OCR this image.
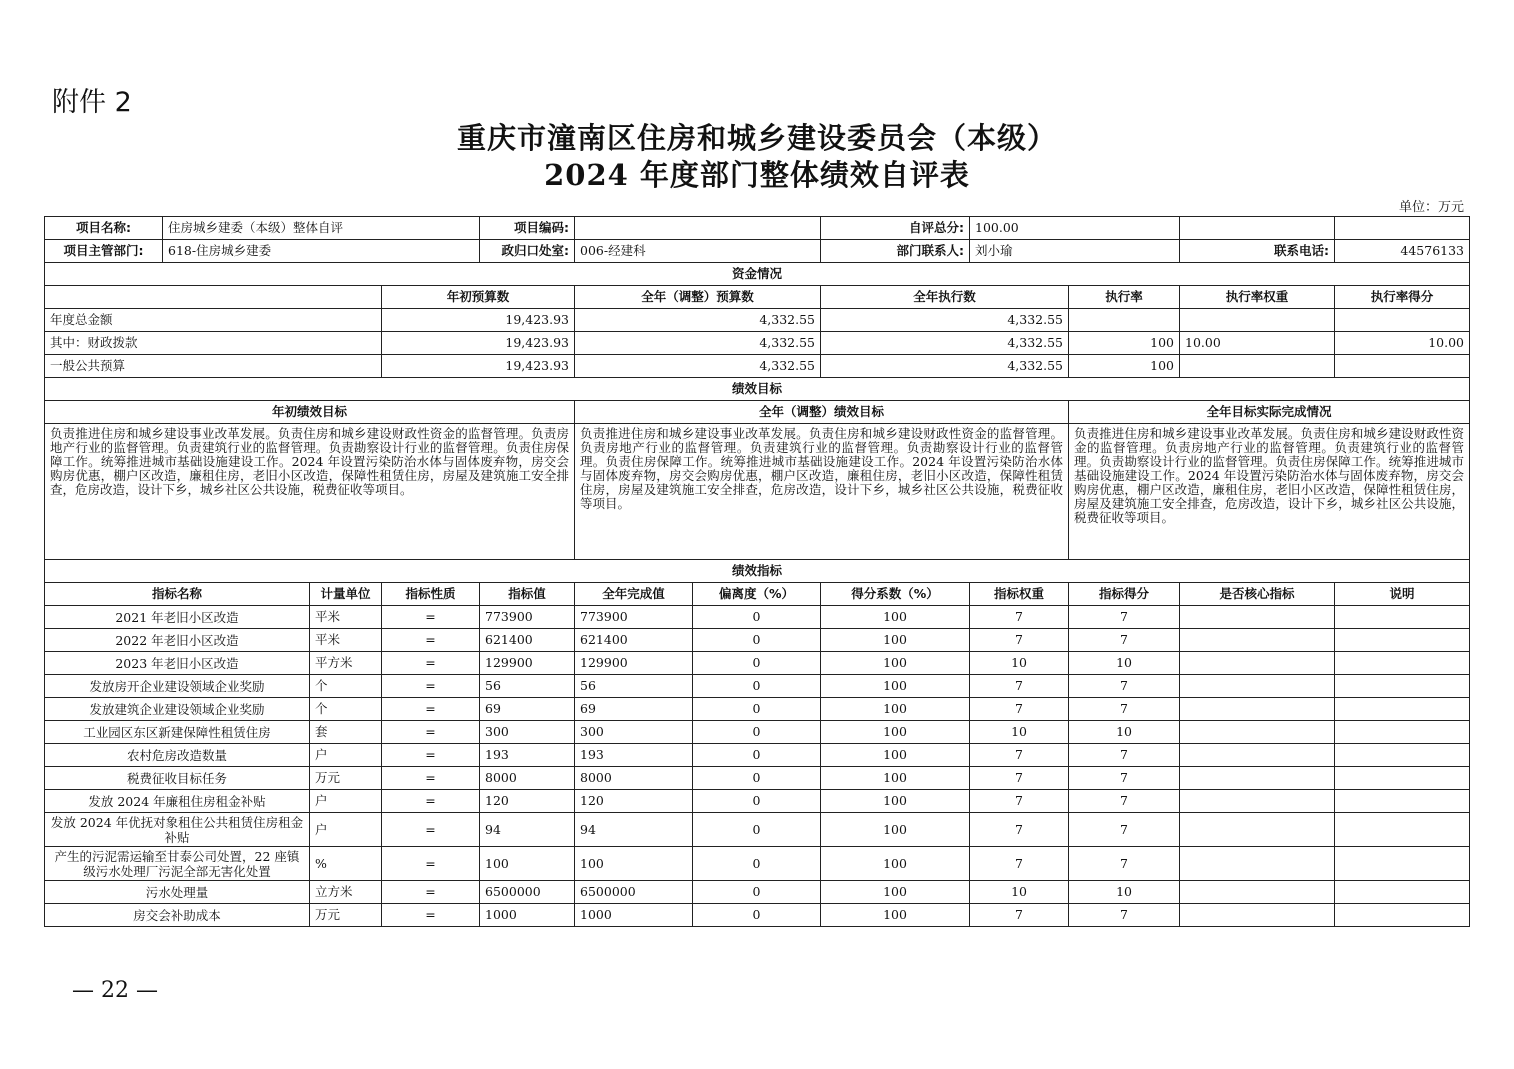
附件 2
重庆市潼南区住房和城乡建设委员会（本级）
2024 年度部门整体绩效自评表
单位：万元
项目名称:	住房城乡建委（本级）整体自评			项目编码:			自评总分:	100.00			
项目主管部门:	618-住房城乡建委			政归口处室:	006-经建科		部门联系人:	刘小瑜		联系电话:	44576133
资金情况											
			年初预算数		全年（调整）预算数		全年执行数		执行率	执行率权重	执行率得分
年度总金额			19,423.93		4,332.55		4,332.55				
其中：财政拨款			19,423.93		4,332.55		4,332.55		100	10.00	10.00
一般公共预算			19,423.93		4,332.55		4,332.55		100		
绩效目标											
年初绩效目标					全年（调整）绩效目标				全年目标实际完成情况		
负责推进住房和城乡建设事业改革发展。负责住房和城乡建设财政性资金的监督管理。负责房地产行业的监督管理。负责建筑行业的监督管理。负责勘察设计行业的监督管理。负责住房保障工作。统筹推进城市基础设施建设工作。2024 年设置污染防治水体与固体废弃物，房交会购房优惠，棚户区改造，廉租住房，老旧小区改造，保障性租赁住房，房屋及建筑施工安全排查，危房改造，设计下乡，城乡社区公共设施，税费征收等项目。					负责推进住房和城乡建设事业改革发展。负责住房和城乡建设财政性资金的监督管理。负责房地产行业的监督管理。负责建筑行业的监督管理。负责勘察设计行业的监督管理。负责住房保障工作。统筹推进城市基础设施建设工作。2024 年设置污染防治水体与固体废弃物，房交会购房优惠，棚户区改造，廉租住房，老旧小区改造，保障性租赁住房，房屋及建筑施工安全排查，危房改造，设计下乡，城乡社区公共设施，税费征收等项目。				负责推进住房和城乡建设事业改革发展。负责住房和城乡建设财政性资金的监督管理。负责房地产行业的监督管理。负责建筑行业的监督管理。负责勘察设计行业的监督管理。负责住房保障工作。统筹推进城市基础设施建设工作。2024 年设置污染防治水体与固体废弃物，房交会购房优惠，棚户区改造，廉租住房，老旧小区改造，保障性租赁住房，房屋及建筑施工安全排查，危房改造，设计下乡，城乡社区公共设施，税费征收等项目。		
绩效指标											
指标名称		计量单位	指标性质	指标值	全年完成值	偏离度（%）	得分系数（%）	指标权重	指标得分	是否核心指标	说明
2021 年老旧小区改造		平米	=	773900	773900	0	100	7	7		
2022 年老旧小区改造		平米	=	621400	621400	0	100	7	7		
2023 年老旧小区改造		平方米	=	129900	129900	0	100	10	10		
发放房开企业建设领域企业奖励		个	=	56	56	0	100	7	7		
发放建筑企业建设领域企业奖励		个	=	69	69	0	100	7	7		
工业园区东区新建保障性租赁住房		套	=	300	300	0	100	10	10		
农村危房改造数量		户	=	193	193	0	100	7	7		
税费征收目标任务		万元	=	8000	8000	0	100	7	7		
发放 2024 年廉租住房租金补贴		户	=	120	120	0	100	7	7		
发放 2024 年优抚对象租住公共租赁住房租金补贴		户	=	94	94	0	100	7	7		
产生的污泥需运输至甘泰公司处置，22 座镇级污水处理厂污泥全部无害化处置		%	=	100	100	0	100	7	7		
污水处理量		立方米	=	6500000	6500000	0	100	10	10		
房交会补助成本		万元	=	1000	1000	0	100	7	7		
— 22 —
